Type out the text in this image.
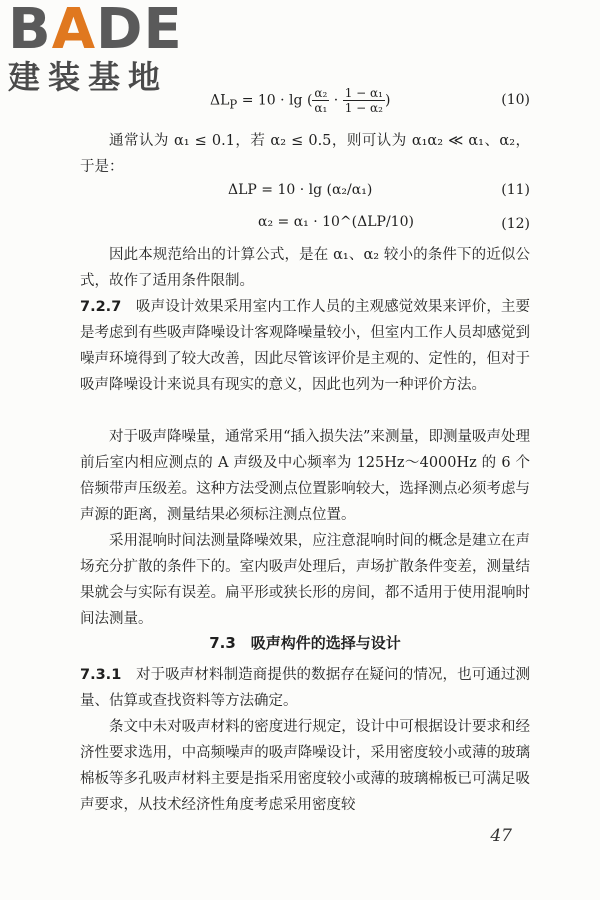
B A D E
建装基地
$\Delta L_P = 10 \cdot \lg$ ( $\frac{\text{α₂}}{\text{α₁}} \cdot \frac{\text{1 − α₁}}{\text{1 − α₂}}$ )	(10)
通常认为 α₁ ≤ 0.1，若 α₂ ≤ 0.5，则可认为 α₁α₂ ≪ α₁、α₂，于是：
ΔLP = 10 · lg (α₂/α₁)	(11)
α₂ = α₁ · 10^(ΔLP/10)	(12)
因此本规范给出的计算公式，是在 α₁、α₂ 较小的条件下的近似公式，故作了适用条件限制。
7.2.7　 吸声设计效果采用室内工作人员的主观感觉效果来评价，主要是考虑到有些吸声降噪设计客观降噪量较小，但室内工作人员却感觉到噪声环境得到了较大改善，因此尽管该评价是主观的、定性的，但对于吸声降噪设计来说具有现实的意义，因此也列为一种评价方法。
对于吸声降噪量，通常采用“插入损失法”来测量，即测量吸声处理前后室内相应测点的 A 声级及中心频率为 125Hz～4000Hz 的 6 个倍频带声压级差。这种方法受测点位置影响较大，选择测点必须考虑与声源的距离，测量结果必须标注测点位置。
采用混响时间法测量降噪效果，应注意混响时间的概念是建立在声场充分扩散的条件下的。室内吸声处理后，声场扩散条件变差，测量结果就会与实际有误差。扁平形或狭长形的房间，都不适用于使用混响时间法测量。
7.3　吸声构件的选择与设计
7.3.1　 对于吸声材料制造商提供的数据存在疑问的情况，也可通过测量、估算或查找资料等方法确定。
条文中未对吸声材料的密度进行规定，设计中可根据设计要求和经济性要求选用，中高频噪声的吸声降噪设计，采用密度较小或薄的玻璃棉板等多孔吸声材料主要是指采用密度较小或薄的玻璃棉板已可满足吸声要求，从技术经济性角度考虑采用密度较
47
